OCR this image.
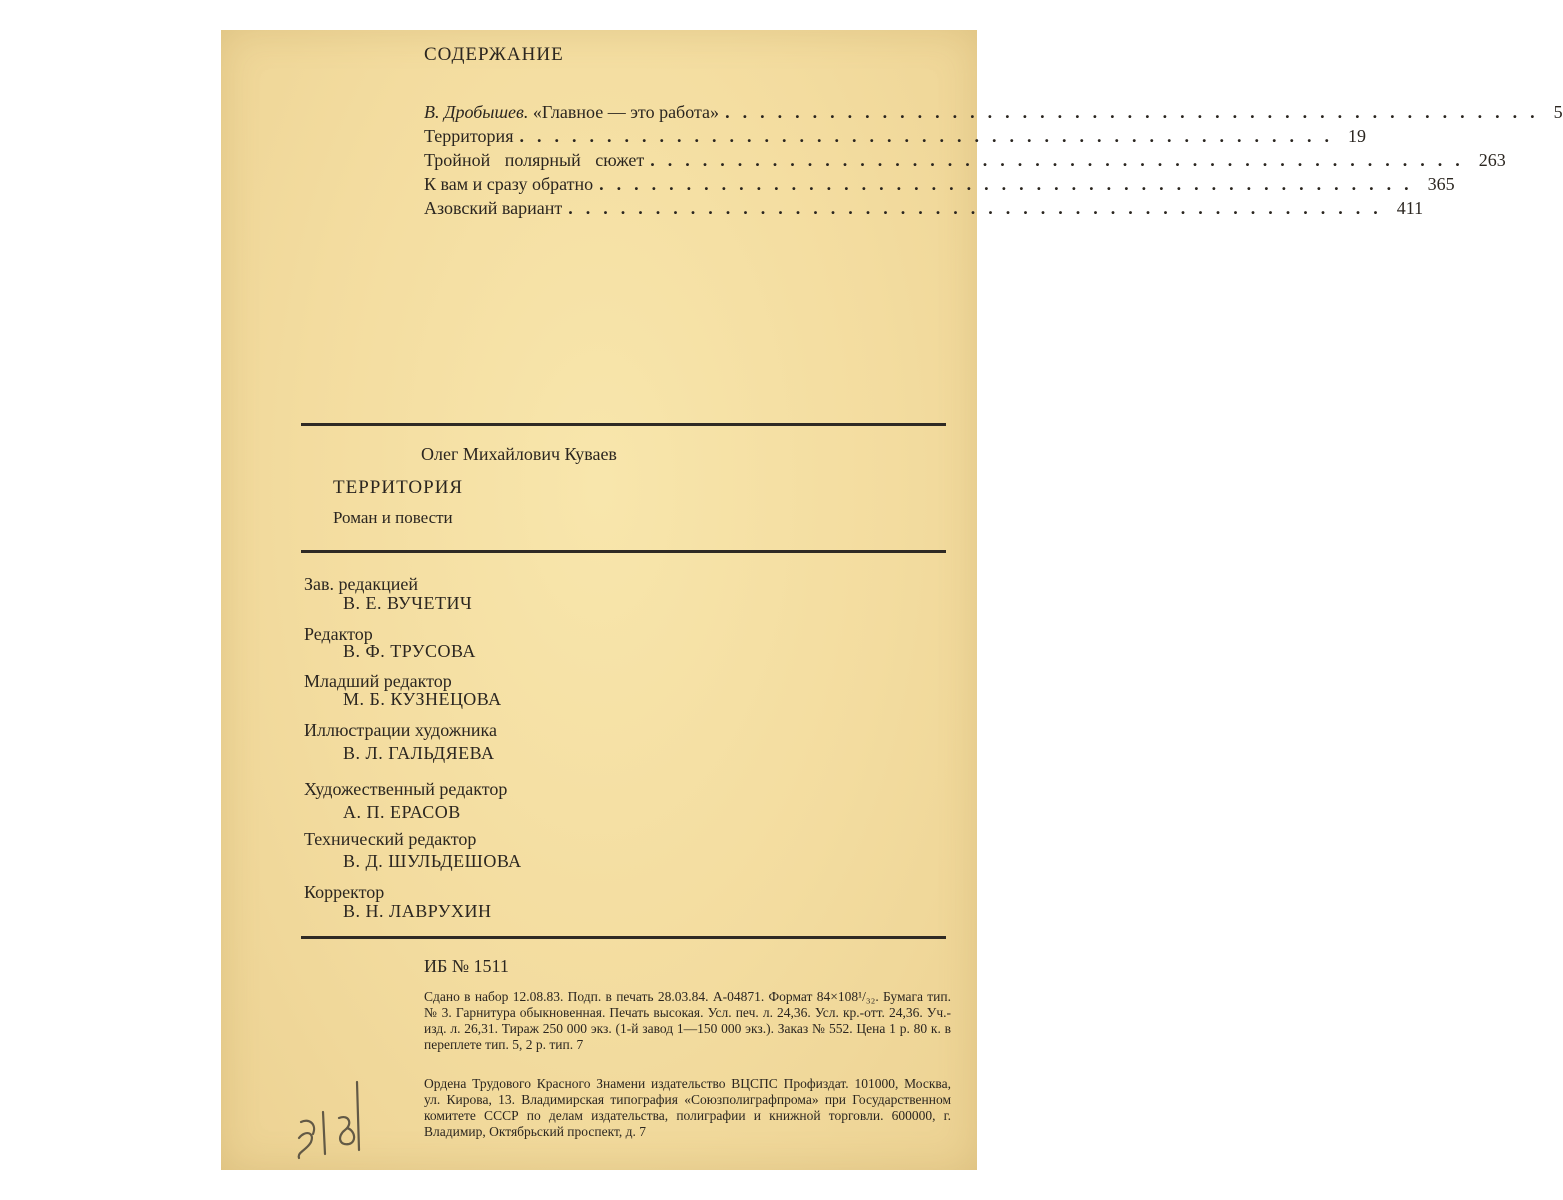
СОДЕРЖАНИЕ
В. Дробышев. «Главное — это работа» ............................................... 5
Территория ............................................... 19
Тройной полярный сюжет ............................................... 263
К вам и сразу обратно ............................................... 365
Азовский вариант ............................................... 411
Олег Михайлович Куваев
ТЕРРИТОРИЯ
Роман и повести
Зав. редакцией
В. Е. ВУЧЕТИЧ
Редактор
В. Ф. ТРУСОВА
Младший редактор
М. Б. КУЗНЕЦОВА
Иллюстрации художника
В. Л. ГАЛЬДЯЕВА
Художественный редактор
А. П. ЕРАСОВ
Технический редактор
В. Д. ШУЛЬДЕШОВА
Корректор
В. Н. ЛАВРУХИН
ИБ № 1511
Сдано в набор 12.08.83. Подп. в печать 28.03.84. А-04871. Формат 84×108¹/₃₂. Бумага тип. № 3. Гарнитура обыкновенная. Печать высокая. Усл. печ. л. 24,36. Усл. кр.-отт. 24,36. Уч.-изд. л. 26,31. Тираж 250 000 экз. (1-й завод 1—150 000 экз.). Заказ № 552. Цена 1 р. 80 к. в переплете тип. 5, 2 р. тип. 7
Ордена Трудового Красного Знамени издательство ВЦСПС Профиздат. 101000, Москва, ул. Кирова, 13. Владимирская типография «Союзполиграфпрома» при Государственном комитете СССР по делам издательства, полиграфии и книжной торговли. 600000, г. Владимир, Октябрьский проспект, д. 7
